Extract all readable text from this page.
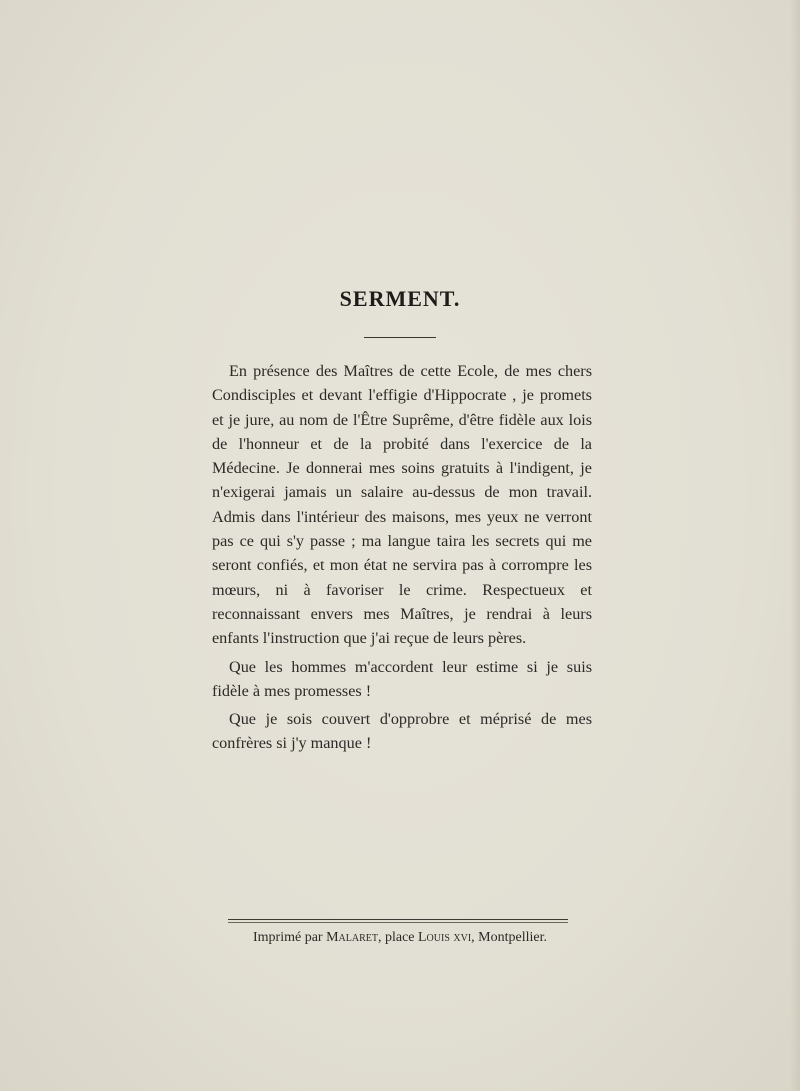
SERMENT.

En présence des Maîtres de cette Ecole, de mes chers Condisciples et devant l'effigie d'Hippocrate , je promets et je jure, au nom de l'Être Suprême, d'être fidèle aux lois de l'honneur et de la probité dans l'exercice de la Médecine. Je donnerai mes soins gratuits à l'indigent, je n'exigerai jamais un salaire au-dessus de mon travail. Admis dans l'intérieur des maisons, mes yeux ne verront pas ce qui s'y passe ; ma langue taira les secrets qui me seront confiés, et mon état ne servira pas à corrompre les mœurs, ni à favoriser le crime. Respectueux et reconnaissant envers mes Maîtres, je rendrai à leurs enfants l'instruction que j'ai reçue de leurs pères.

Que les hommes m'accordent leur estime si je suis fidèle à mes promesses !

Que je sois couvert d'opprobre et méprisé de mes confrères si j'y manque !

Imprimé par Malaret, place Louis xvi, Montpellier.
